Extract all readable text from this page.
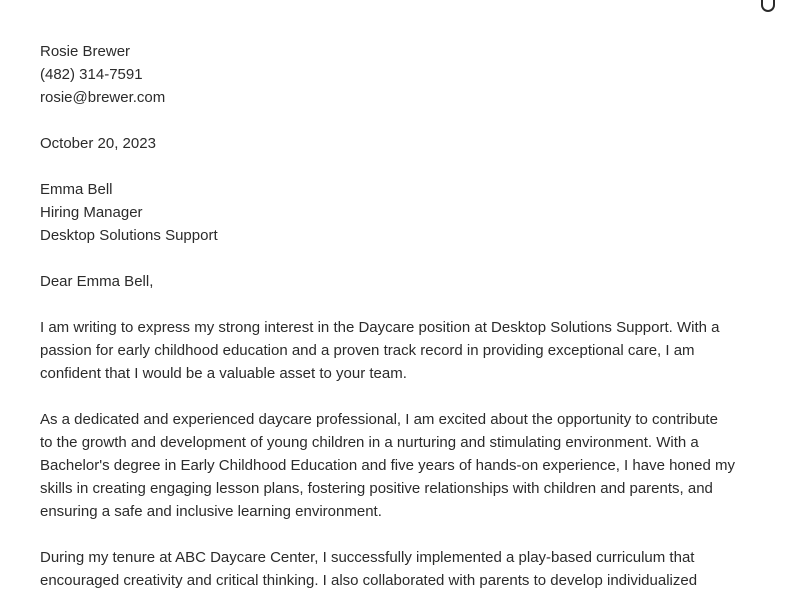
Rosie Brewer
(482) 314-7591
rosie@brewer.com
October 20, 2023
Emma Bell
Hiring Manager
Desktop Solutions Support
Dear Emma Bell,
I am writing to express my strong interest in the Daycare position at Desktop Solutions Support. With a
passion for early childhood education and a proven track record in providing exceptional care, I am
confident that I would be a valuable asset to your team.
As a dedicated and experienced daycare professional, I am excited about the opportunity to contribute
to the growth and development of young children in a nurturing and stimulating environment. With a
Bachelor's degree in Early Childhood Education and five years of hands-on experience, I have honed my
skills in creating engaging lesson plans, fostering positive relationships with children and parents, and
ensuring a safe and inclusive learning environment.
During my tenure at ABC Daycare Center, I successfully implemented a play-based curriculum that
encouraged creativity and critical thinking. I also collaborated with parents to develop individualized
